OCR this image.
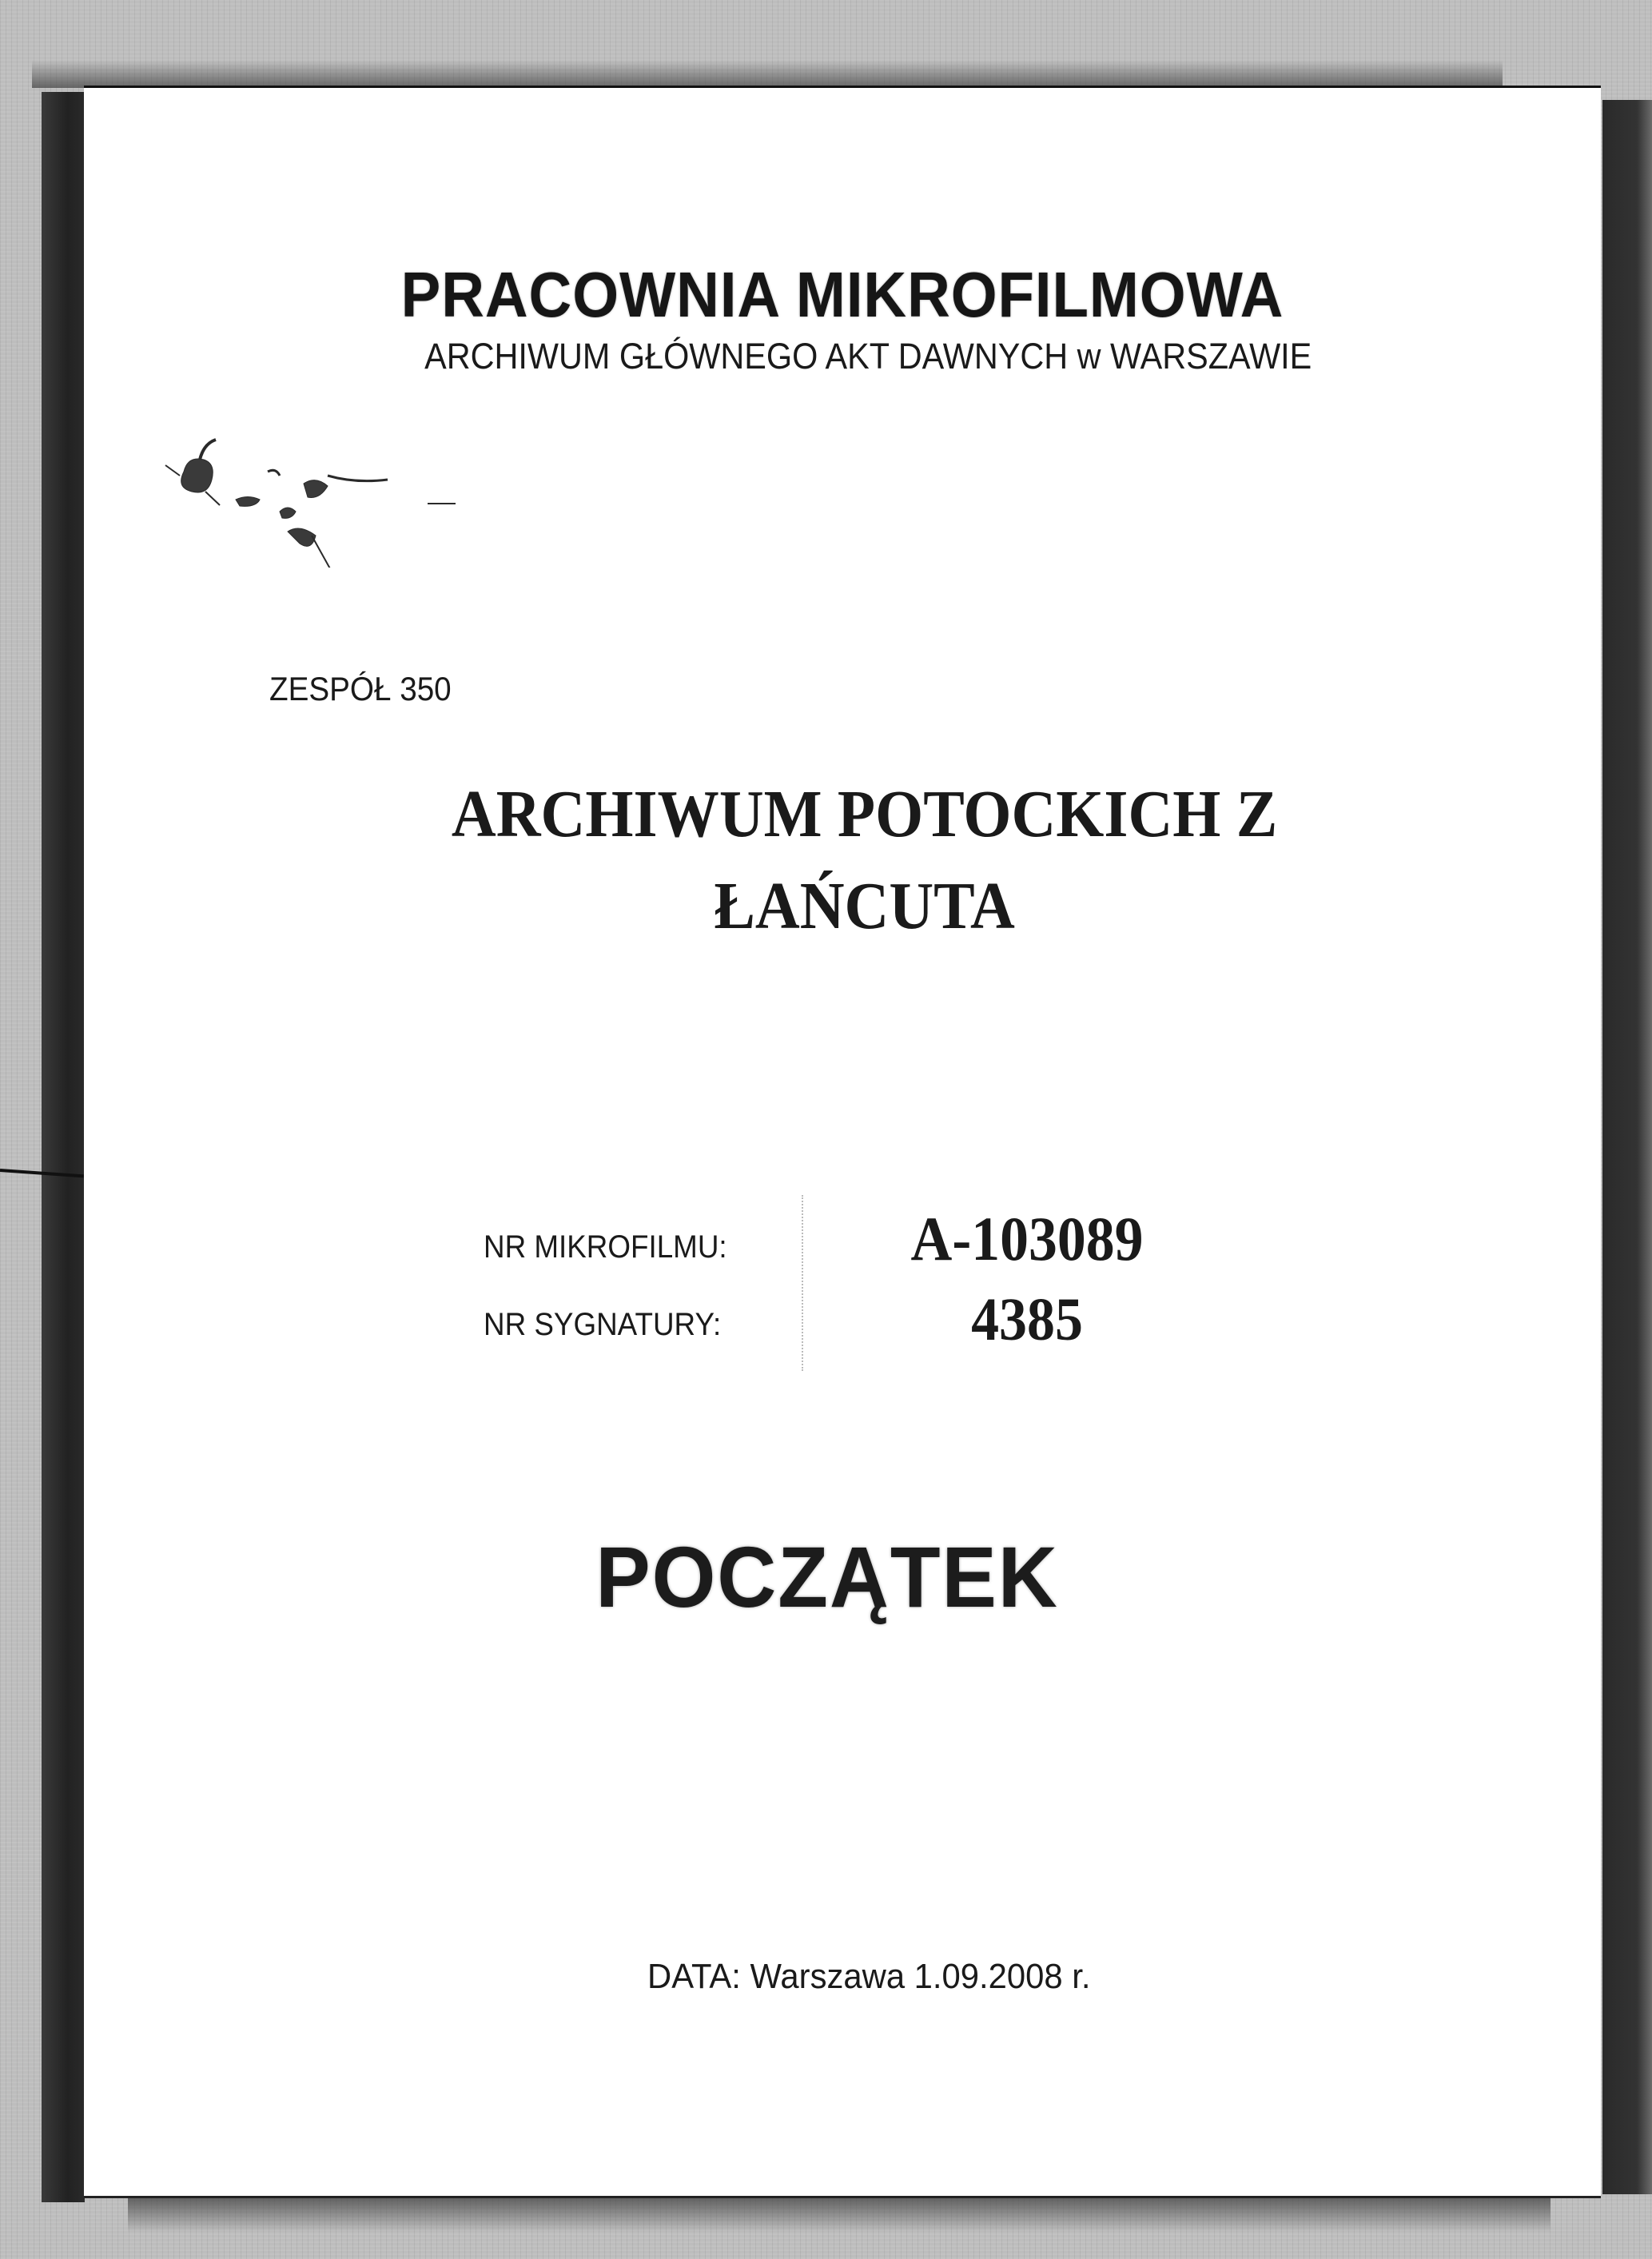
PRACOWNIA MIKROFILMOWA

ARCHIWUM GŁÓWNEGO AKT DAWNYCH w WARSZAWIE

ZESPÓŁ 350

ARCHIWUM POTOCKICH Z

ŁAŃCUTA

NR MIKROFILMU:	A-103089

NR SYGNATURY:	4385

POCZĄTEK

DATA: Warszawa 1.09.2008 r.
